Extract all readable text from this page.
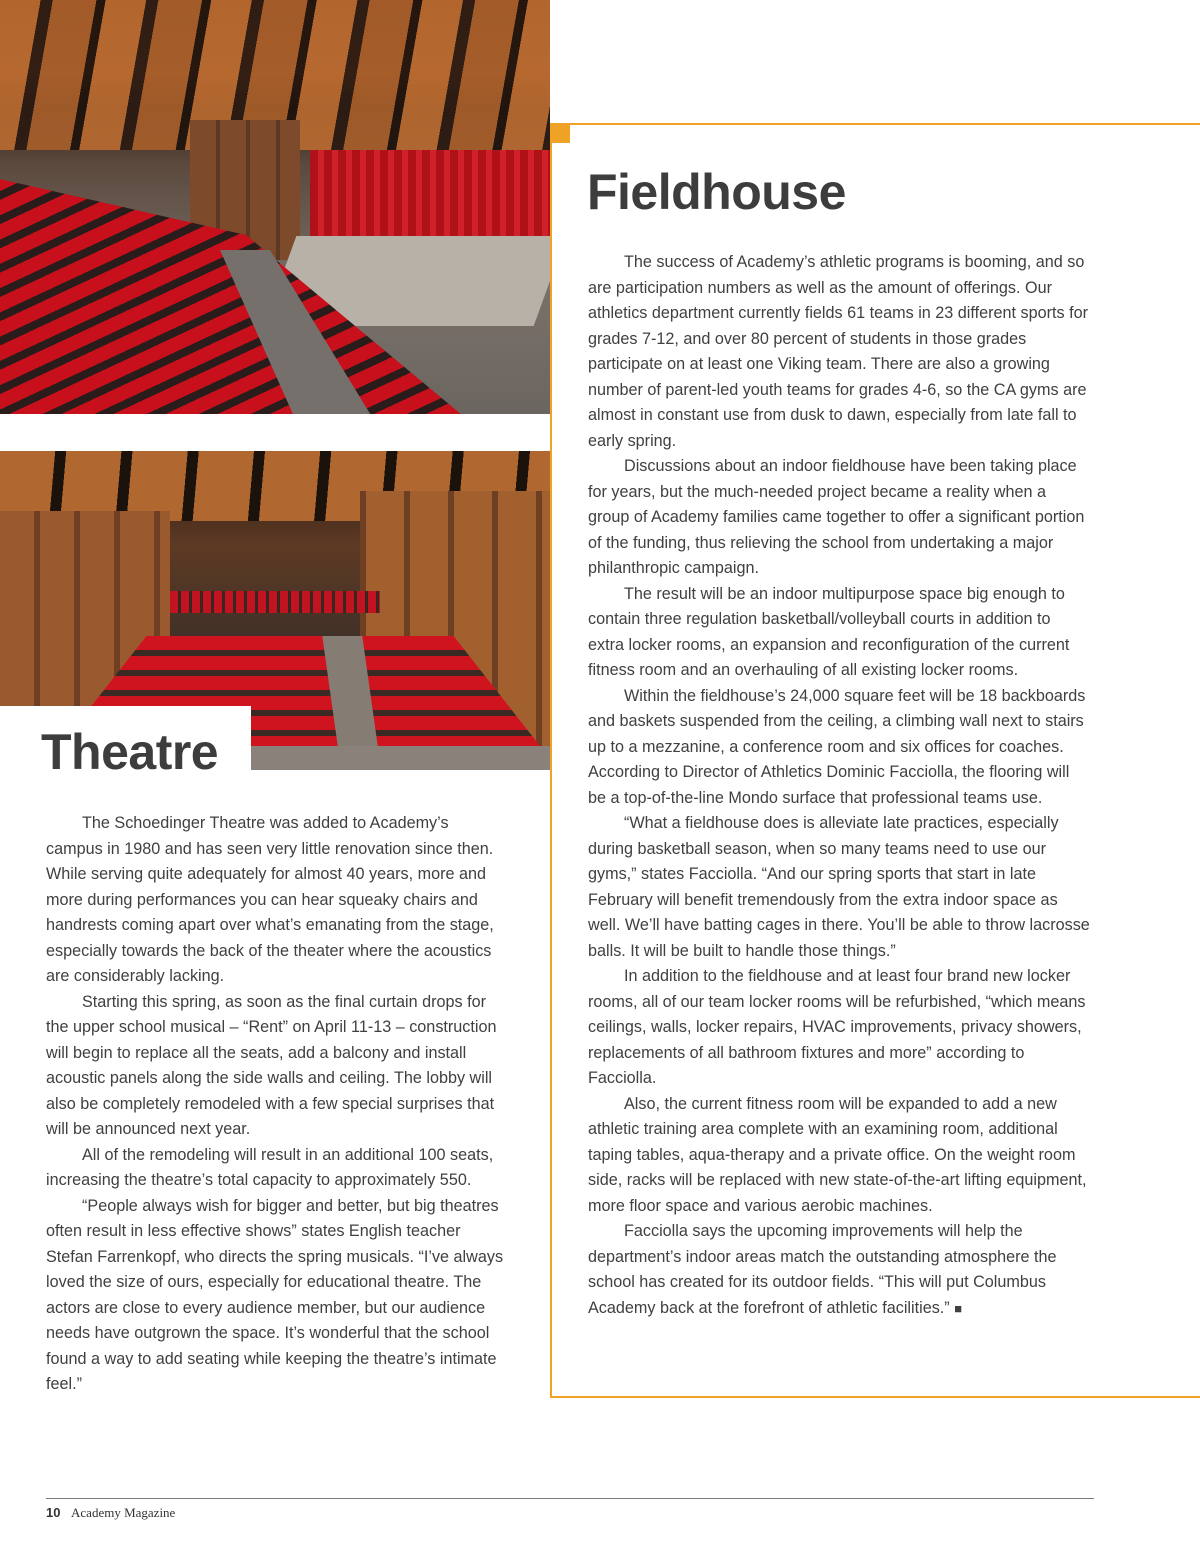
Theatre

The Schoedinger Theatre was added to Academy’s campus in 1980 and has seen very little renovation since then. While serving quite adequately for almost 40 years, more and more during performances you can hear squeaky chairs and handrests coming apart over what’s emanating from the stage, especially towards the back of the theater where the acoustics are considerably lacking.

Starting this spring, as soon as the final curtain drops for the upper school musical – “Rent” on April 11-13 – construction will begin to replace all the seats, add a balcony and install acoustic panels along the side walls and ceiling. The lobby will also be completely remodeled with a few special surprises that will be announced next year.

All of the remodeling will result in an additional 100 seats, increasing the theatre’s total capacity to approximately 550.

“People always wish for bigger and better, but big theatres often result in less effective shows” states English teacher Stefan Farrenkopf, who directs the spring musicals. “I’ve always loved the size of ours, especially for educational theatre. The actors are close to every audience member, but our audience needs have outgrown the space. It’s wonderful that the school found a way to add seating while keeping the theatre’s intimate feel.”

Fieldhouse

The success of Academy’s athletic programs is booming, and so are participation numbers as well as the amount of offerings. Our athletics department currently fields 61 teams in 23 different sports for grades 7-12, and over 80 percent of students in those grades participate on at least one Viking team. There are also a growing number of parent-led youth teams for grades 4-6, so the CA gyms are almost in constant use from dusk to dawn, especially from late fall to early spring.

Discussions about an indoor fieldhouse have been taking place for years, but the much-needed project became a reality when a group of Academy families came together to offer a significant portion of the funding, thus relieving the school from undertaking a major philanthropic campaign.

The result will be an indoor multipurpose space big enough to contain three regulation basketball/volleyball courts in addition to extra locker rooms, an expansion and reconfiguration of the current fitness room and an overhauling of all existing locker rooms.

Within the fieldhouse’s 24,000 square feet will be 18 backboards and baskets suspended from the ceiling, a climbing wall next to stairs up to a mezzanine, a conference room and six offices for coaches. According to Director of Athletics Dominic Facciolla, the flooring will be a top-of-the-line Mondo surface that professional teams use.

“What a fieldhouse does is alleviate late practices, especially during basketball season, when so many teams need to use our gyms,” states Facciolla. “And our spring sports that start in late February will benefit tremendously from the extra indoor space as well. We’ll have batting cages in there. You’ll be able to throw lacrosse balls. It will be built to handle those things.”

In addition to the fieldhouse and at least four brand new locker rooms, all of our team locker rooms will be refurbished, “which means ceilings, walls, locker repairs, HVAC improvements, privacy showers, replacements of all bathroom fixtures and more” according to Facciolla.

Also, the current fitness room will be expanded to add a new athletic training area complete with an examining room, additional taping tables, aqua-therapy and a private office. On the weight room side, racks will be replaced with new state-of-the-art lifting equipment, more floor space and various aerobic machines.

Facciolla says the upcoming improvements will help the department’s indoor areas match the outstanding atmosphere the school has created for its outdoor fields. “This will put Columbus Academy back at the forefront of athletic facilities.” ■

10 Academy Magazine
